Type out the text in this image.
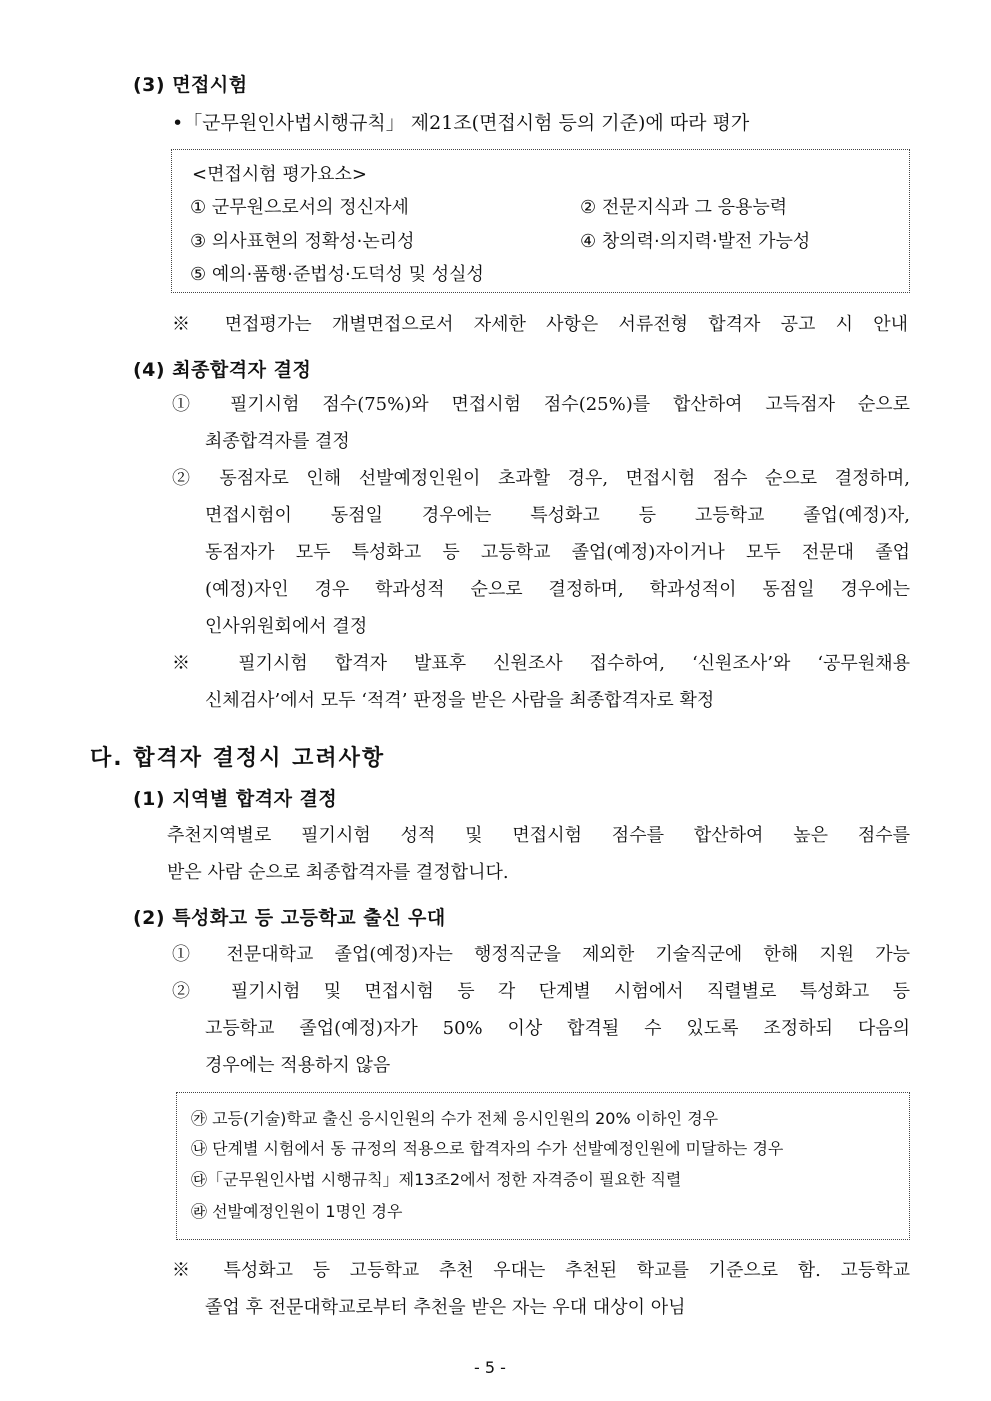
(3) 면접시험
•「군무원인사법시행규칙」 제21조(면접시험 등의 기준)에 따라 평가
<면접시험 평가요소>
① 군무원으로서의 정신자세	② 전문지식과 그 응용능력
③ 의사표현의 정확성·논리성	④ 창의력·의지력·발전 가능성
⑤ 예의·품행·준법성·도덕성 및 성실성
※ 면접평가는 개별면접으로서 자세한 사항은 서류전형 합격자 공고 시 안내
(4) 최종합격자 결정
① 필기시험 점수(75%)와 면접시험 점수(25%)를 합산하여 고득점자 순으로
최종합격자를 결정
② 동점자로 인해 선발예정인원이 초과할 경우, 면접시험 점수 순으로 결정하며,
면접시험이 동점일 경우에는 특성화고 등 고등학교 졸업(예정)자,
동점자가 모두 특성화고 등 고등학교 졸업(예정)자이거나 모두 전문대 졸업
(예정)자인 경우 학과성적 순으로 결정하며, 학과성적이 동점일 경우에는
인사위원회에서 결정
※ 필기시험 합격자 발표후 신원조사 접수하여, ‘신원조사’와 ‘공무원채용
신체검사’에서 모두 ‘적격’ 판정을 받은 사람을 최종합격자로 확정
다. 합격자 결정시 고려사항
(1) 지역별 합격자 결정
추천지역별로 필기시험 성적 및 면접시험 점수를 합산하여 높은 점수를
받은 사람 순으로 최종합격자를 결정합니다.
(2) 특성화고 등 고등학교 출신 우대
① 전문대학교 졸업(예정)자는 행정직군을 제외한 기술직군에 한해 지원 가능
② 필기시험 및 면접시험 등 각 단계별 시험에서 직렬별로 특성화고 등
고등학교 졸업(예정)자가 50% 이상 합격될 수 있도록 조정하되 다음의
경우에는 적용하지 않음
㉮ 고등(기술)학교 출신 응시인원의 수가 전체 응시인원의 20% 이하인 경우
㉯ 단계별 시험에서 동 규정의 적용으로 합격자의 수가 선발예정인원에 미달하는 경우
㉰「군무원인사법 시행규칙」제13조2에서 정한 자격증이 필요한 직렬
㉱ 선발예정인원이 1명인 경우
※ 특성화고 등 고등학교 추천 우대는 추천된 학교를 기준으로 함. 고등학교
졸업 후 전문대학교로부터 추천을 받은 자는 우대 대상이 아님
- 5 -
